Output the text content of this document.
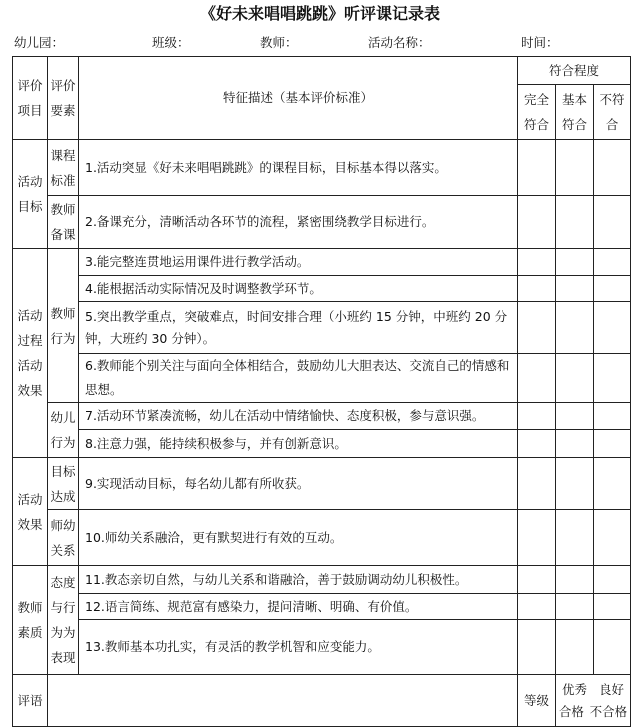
《好未来唱唱跳跳》听评课记录表
幼儿园：	班级：	教师：	活动名称：	时间：
评价项目	评价要素	特征描述（基本评价标准）	符合程度		

			完全符合	基本符合	不符合

活动目标	课程标准	1.活动突显《好未来唱唱跳跳》的课程目标，目标基本得以落实。			

	教师备课	2.备课充分，清晰活动各环节的流程，紧密围绕教学目标进行。			

活动过程活动效果	教师行为	3.能完整连贯地运用课件进行教学活动。			
		4.能根据活动实际情况及时调整教学环节。			
		5.突出教学重点，突破难点，时间安排合理（小班约 15 分钟，中班约 20 分钟，大班约 30 分钟）。			
		6.教师能个别关注与面向全体相结合，鼓励幼儿大胆表达、交流自己的情感和思想。			

	幼儿行为	7.活动环节紧凑流畅，幼儿在活动中情绪愉快、态度积极，参与意识强。			
		8.注意力强，能持续积极参与，并有创新意识。			

活动效果	目标达成	9.实现活动目标，每名幼儿都有所收获。			

	师幼关系	10.师幼关系融洽，更有默契进行有效的互动。			

教师素质	态度与行为为表现	11.教态亲切自然，与幼儿关系和谐融洽，善于鼓励调动幼儿积极性。			
		12.语言简练、规范富有感染力，提问清晰、明确、有价值。			
		13.教师基本功扎实，有灵活的教学机智和应变能力。			
评语			等级	优秀 良好
合格 不合格	
